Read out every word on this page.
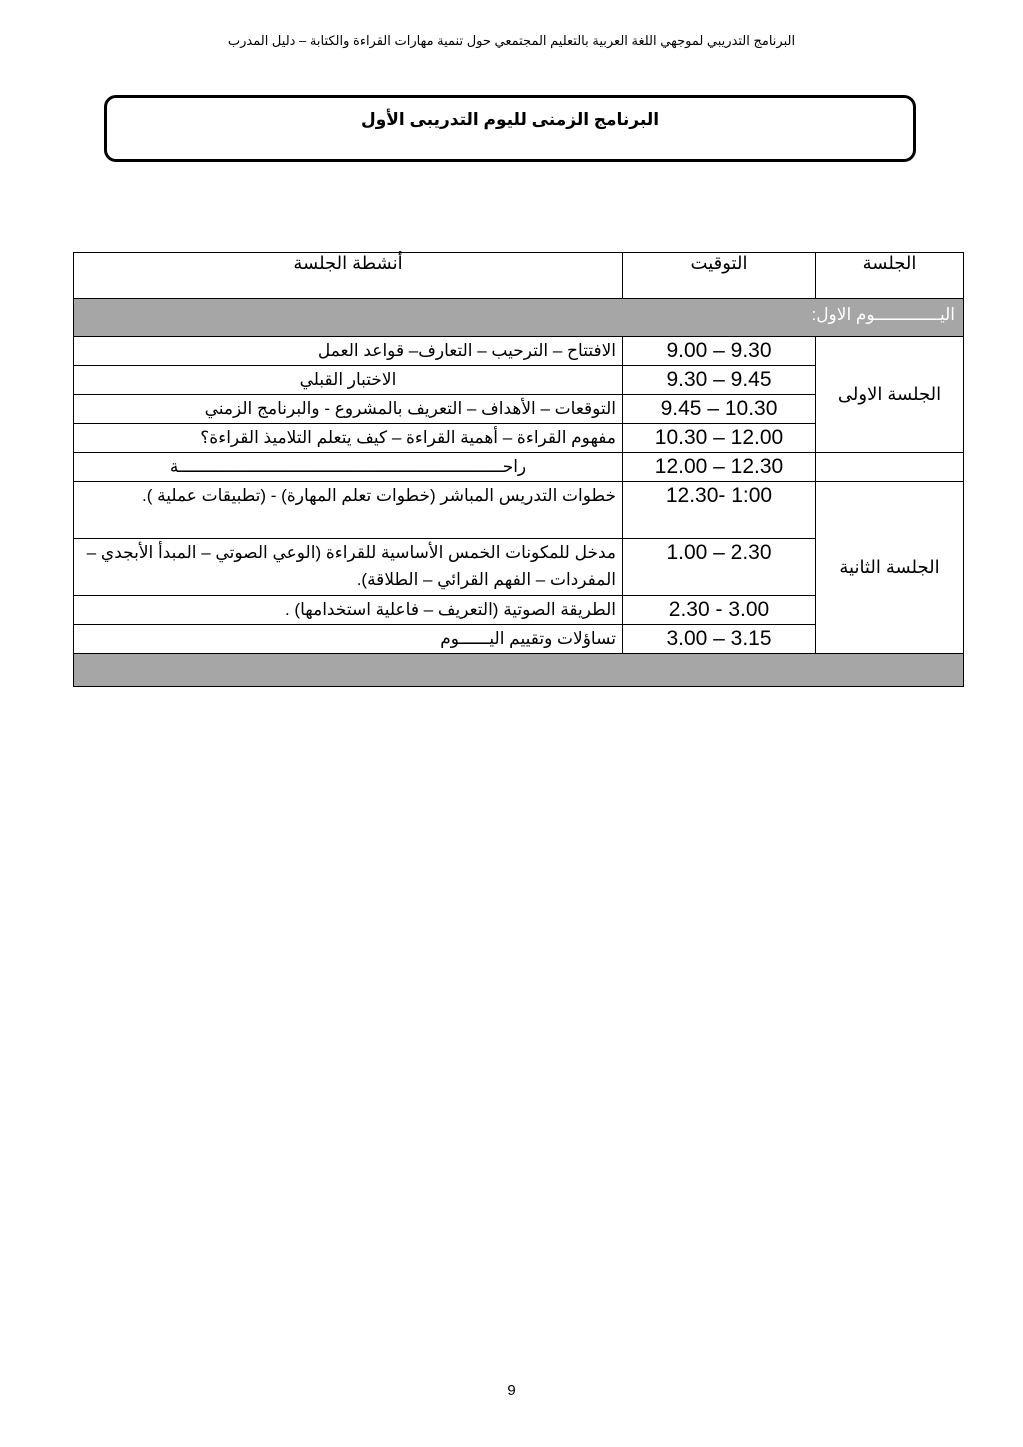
البرنامج التدريبي لموجهي اللغة العربية بالتعليم المجتمعي حول تنمية مهارات القراءة والكتابة – دليل المدرب
البرنامج الزمنى لليوم التدريبى الأول
الجلسة	التوقيت	أنشطة الجلسة

اليـــــــــــــوم الاول:		

الجلسة الاولى	9.00 – 9.30	الافتتاح – الترحيب – التعارف– قواعد العمل
	9.30 – 9.45	الاختبار القبلي
	9.45 – 10.30	التوقعات – الأهداف – التعريف بالمشروع - والبرنامج الزمني
	10.30 – 12.00	مفهوم القراءة – أهمية القراءة – كيف يتعلم التلاميذ القراءة؟
	12.00 – 12.30	راحـــــــــــــــــــــــــــــــــــــــــــــــــــــــــــــــــة
الجلسة الثانية	12.30- 1:00	خطوات التدريس المباشر (خطوات تعلم المهارة) - (تطبيقات عملية ).
	1.00 – 2.30	مدخل للمكونات الخمس الأساسية للقراءة (الوعي الصوتي – المبدأ الأبجدي – المفردات – الفهم القرائي – الطلاقة).
	2.30 - 3.00	الطريقة الصوتية (التعريف – فاعلية استخدامها) .
	3.00 – 3.15	تساؤلات وتقييم اليــــــوم

9
